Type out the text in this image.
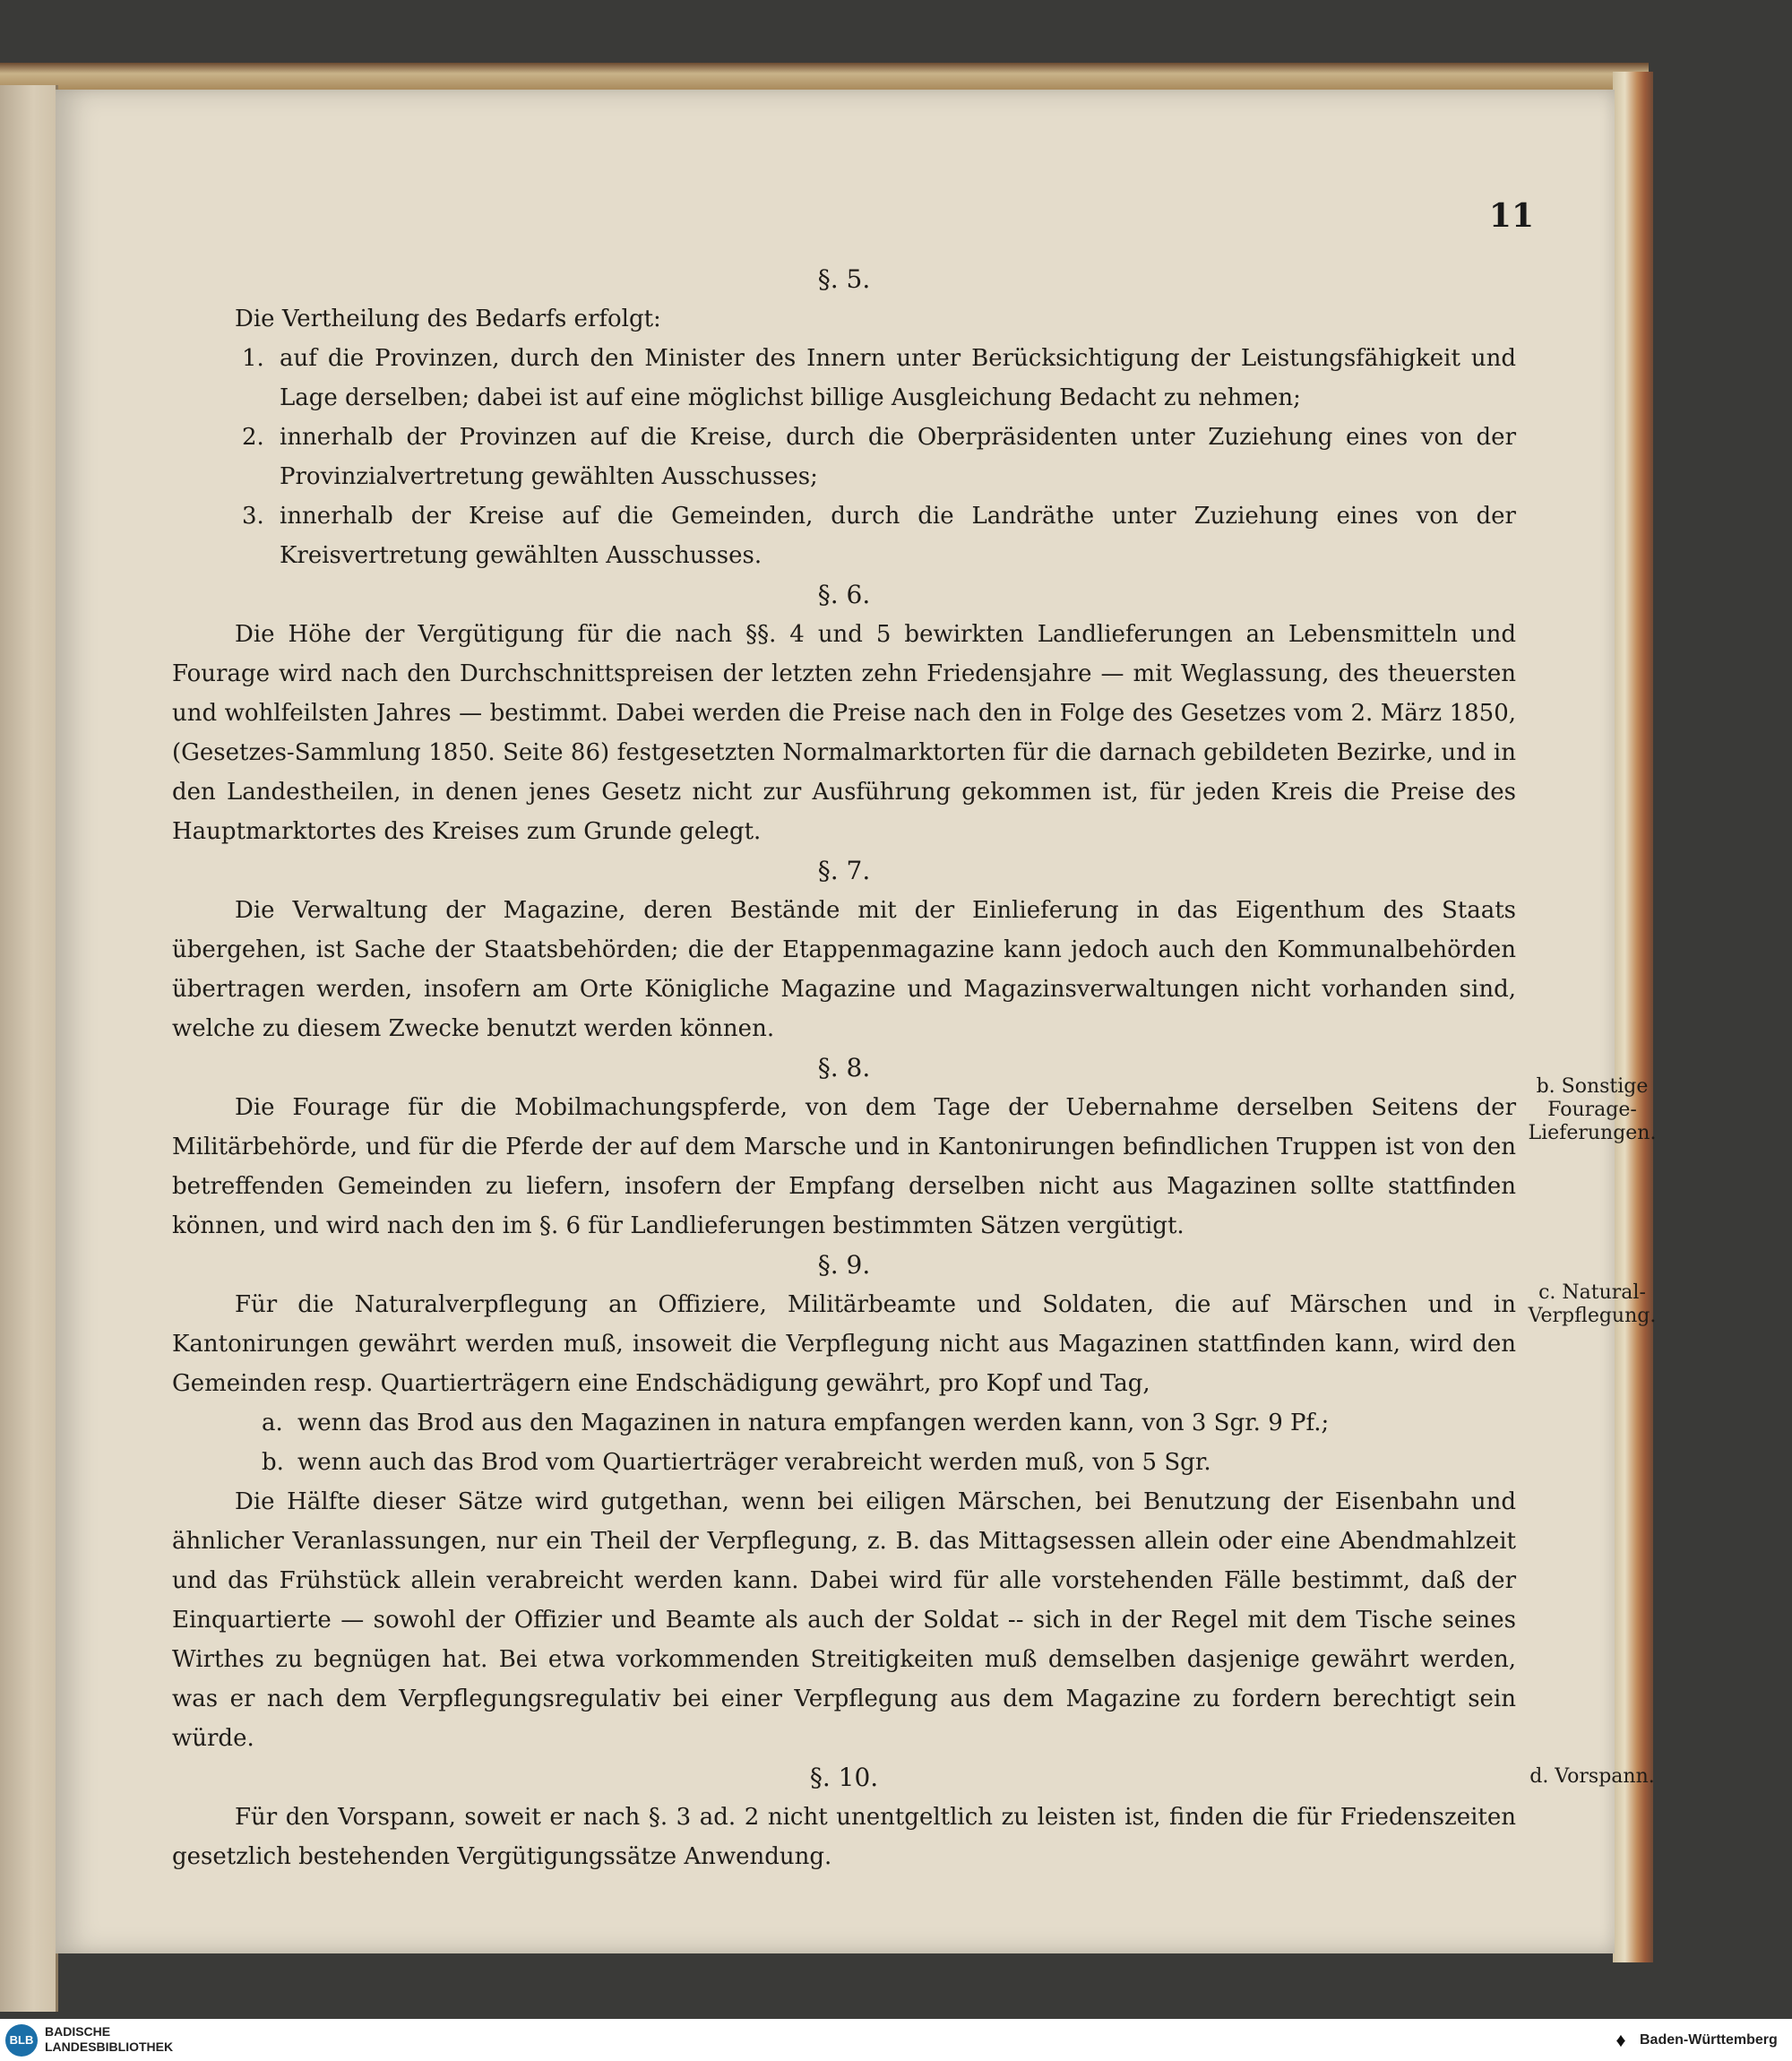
11
§. 5.

Die Vertheilung des Bedarfs erfolgt:

1. auf die Provinzen, durch den Minister des Innern unter Berücksichtigung der Leistungsfähigkeit und Lage derselben; dabei ist auf eine möglichst billige Ausgleichung Bedacht zu nehmen;
2. innerhalb der Provinzen auf die Kreise, durch die Oberpräsidenten unter Zuziehung eines von der Provinzialvertretung gewählten Ausschusses;
3. innerhalb der Kreise auf die Gemeinden, durch die Landräthe unter Zuziehung eines von der Kreisvertretung gewählten Ausschusses.
§. 6.

Die Höhe der Vergütigung für die nach §§. 4 und 5 bewirkten Landlieferungen an Lebensmitteln und Fourage wird nach den Durchschnittspreisen der letzten zehn Friedensjahre — mit Weglassung, des theuersten und wohlfeilsten Jahres — bestimmt. Dabei werden die Preise nach den in Folge des Gesetzes vom 2. März 1850, (Gesetzes-Sammlung 1850. Seite 86) festgesetzten Normalmarktorten für die darnach gebildeten Bezirke, und in den Landestheilen, in denen jenes Gesetz nicht zur Ausführung gekommen ist, für jeden Kreis die Preise des Hauptmarktortes des Kreises zum Grunde gelegt.

§. 7.

Die Verwaltung der Magazine, deren Bestände mit der Einlieferung in das Eigenthum des Staats übergehen, ist Sache der Staatsbehörden; die der Etappenmagazine kann jedoch auch den Kommunalbehörden übertragen werden, insofern am Orte Königliche Magazine und Magazinsverwaltungen nicht vorhanden sind, welche zu diesem Zwecke benutzt werden können.

§. 8.

Die Fourage für die Mobilmachungspferde, von dem Tage der Uebernahme derselben Seitens der Militärbehörde, und für die Pferde der auf dem Marsche und in Kantonirungen befindlichen Truppen ist von den betreffenden Gemeinden zu liefern, insofern der Empfang derselben nicht aus Magazinen sollte stattfinden können, und wird nach den im §. 6 für Landlieferungen bestimmten Sätzen vergütigt.

§. 9.

Für die Naturalverpflegung an Offiziere, Militärbeamte und Soldaten, die auf Märschen und in Kantonirungen gewährt werden muß, insoweit die Verpflegung nicht aus Magazinen stattfinden kann, wird den Gemeinden resp. Quartierträgern eine Endschädigung gewährt, pro Kopf und Tag,

a. wenn das Brod aus den Magazinen in natura empfangen werden kann, von 3 Sgr. 9 Pf.;
b. wenn auch das Brod vom Quartierträger verabreicht werden muß, von 5 Sgr.

Die Hälfte dieser Sätze wird gutgethan, wenn bei eiligen Märschen, bei Benutzung der Eisenbahn und ähnlicher Veranlassungen, nur ein Theil der Verpflegung, z. B. das Mittagsessen allein oder eine Abendmahlzeit und das Frühstück allein verabreicht werden kann. Dabei wird für alle vorstehenden Fälle bestimmt, daß der Einquartierte — sowohl der Offizier und Beamte als auch der Soldat -- sich in der Regel mit dem Tische seines Wirthes zu begnügen hat. Bei etwa vorkommenden Streitigkeiten muß demselben dasjenige gewährt werden, was er nach dem Verpflegungsregulativ bei einer Verpflegung aus dem Magazine zu fordern berechtigt sein würde.

§. 10.

Für den Vorspann, soweit er nach §. 3 ad. 2 nicht unentgeltlich zu leisten ist, finden die für Friedenszeiten gesetzlich bestehenden Vergütigungssätze Anwendung.

b. Sonstige Fourage-Lieferungen.
c. Natural-Verpflegung.
d. Vorspann.
BLB
BADISCHE
LANDESBIBLIOTHEK	♦ Baden-Württemberg
